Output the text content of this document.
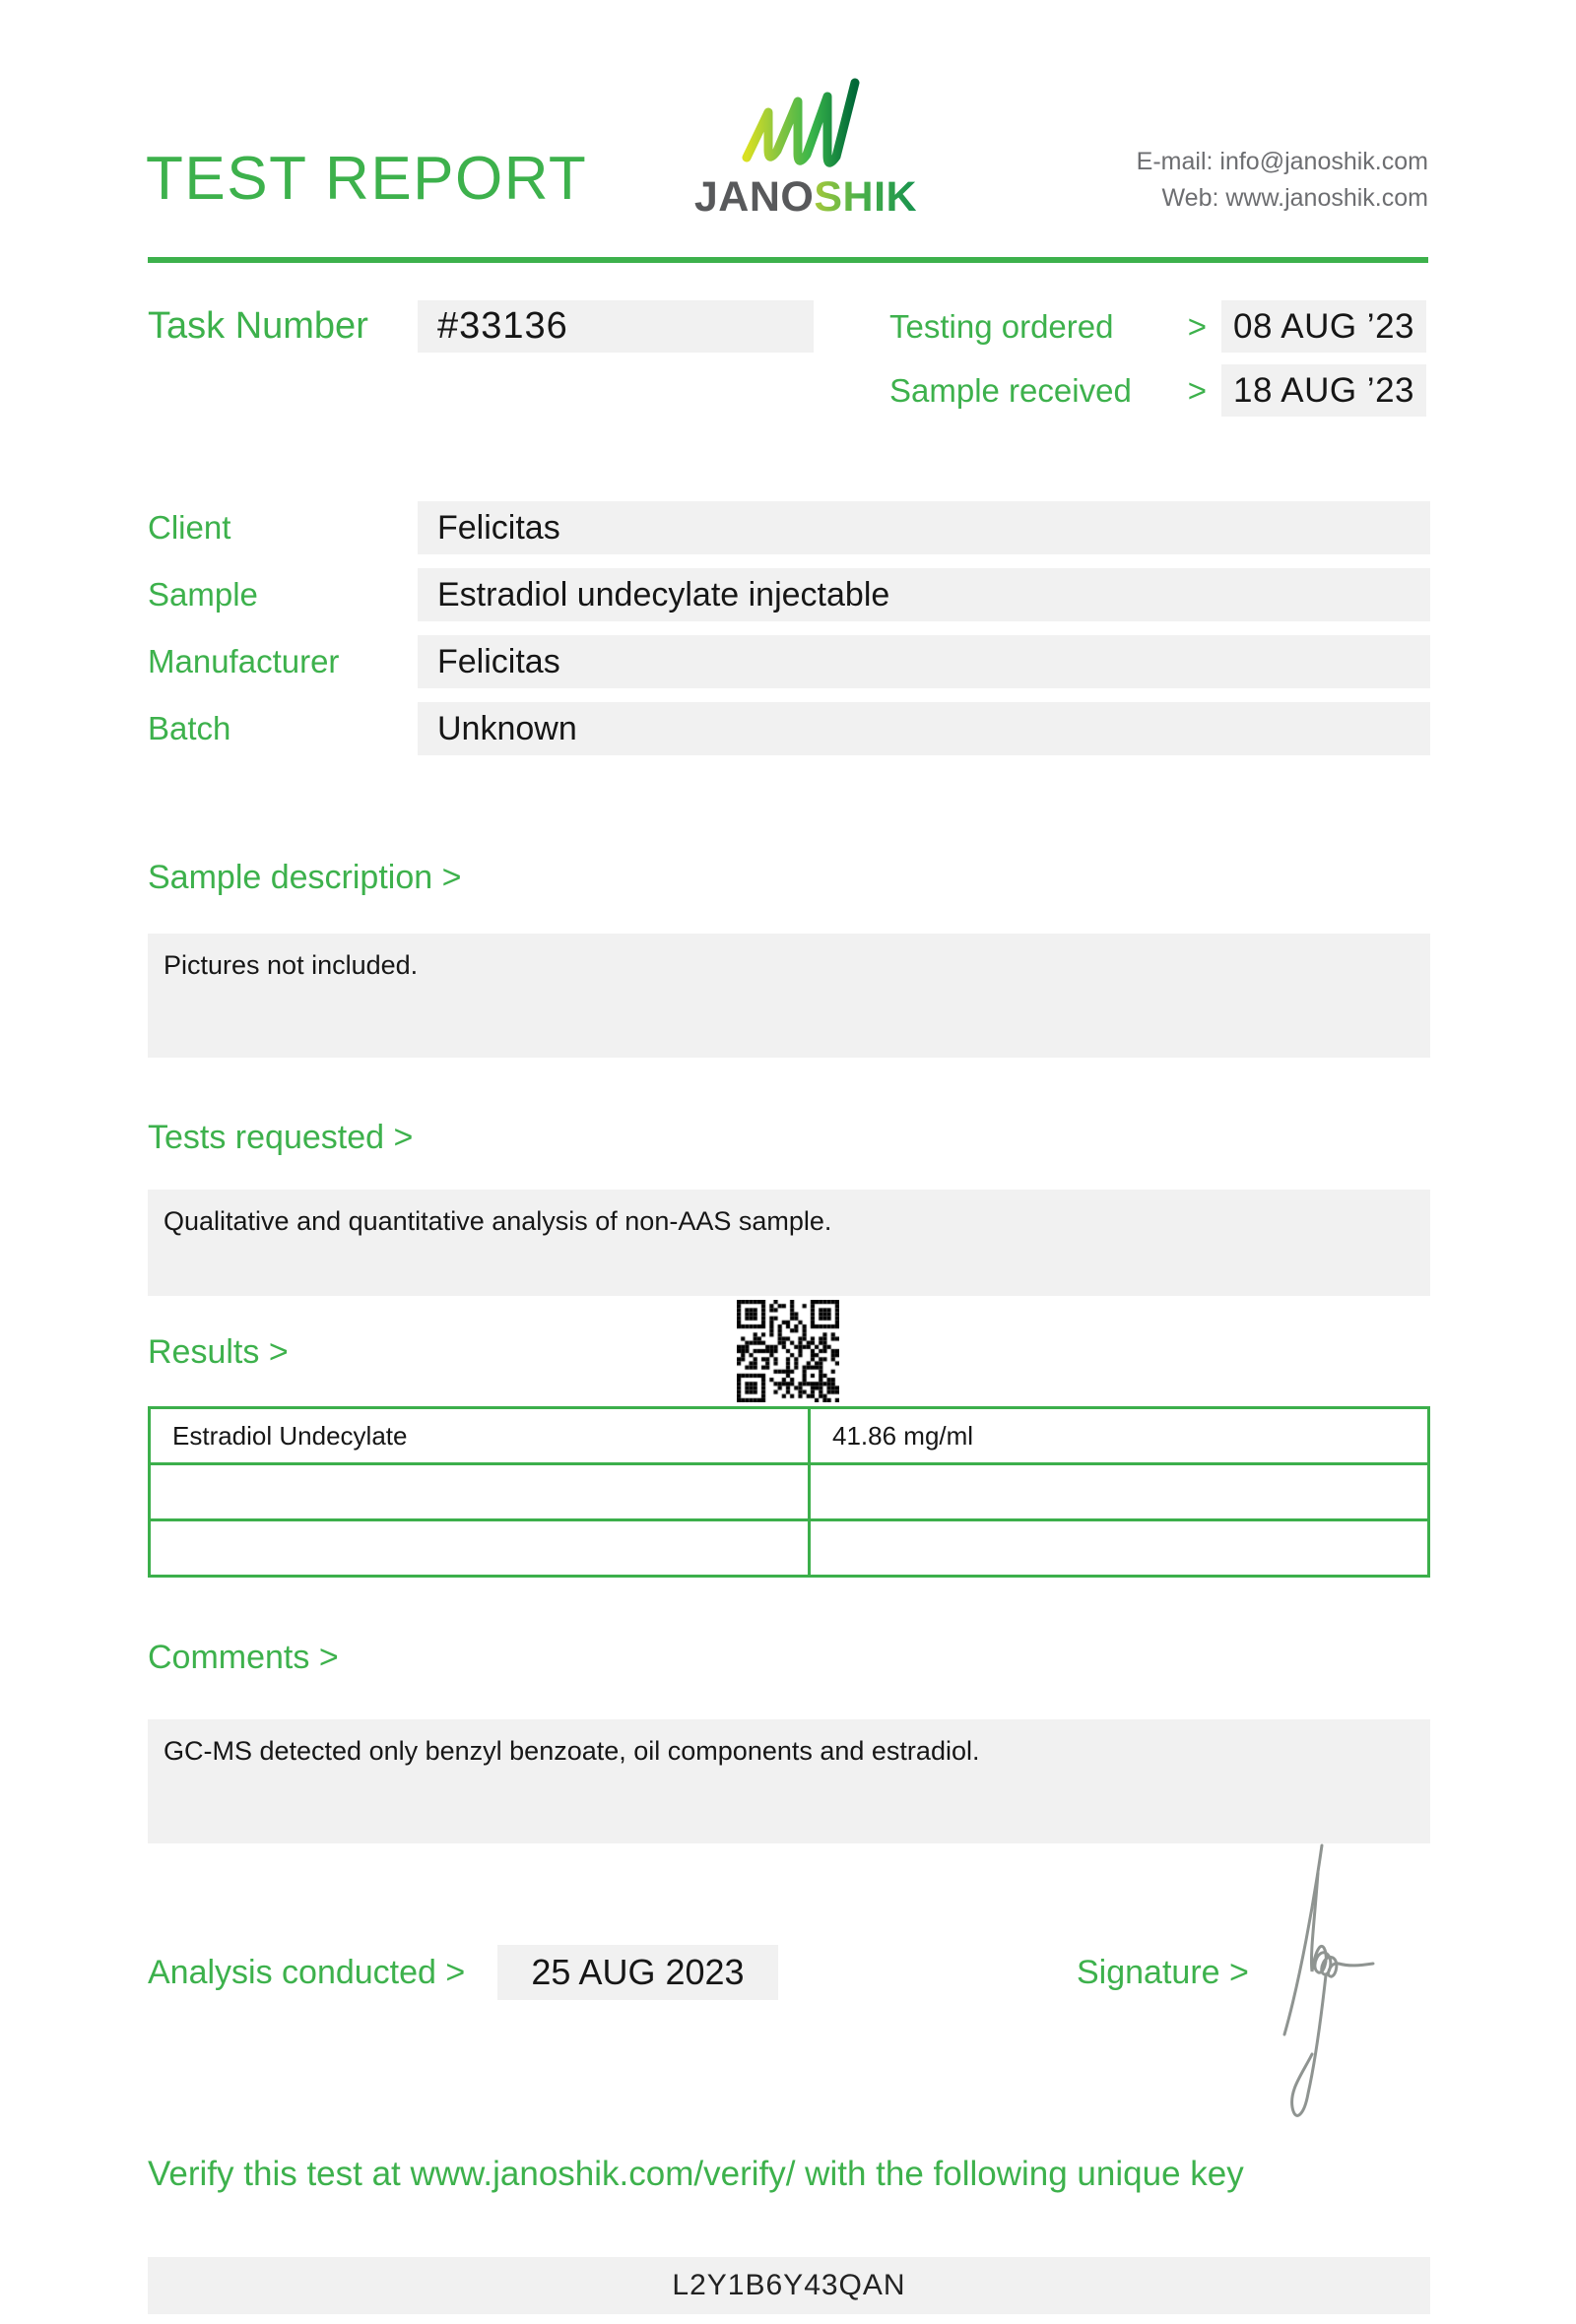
TEST REPORT	JANOSHIK
E-mail: info@janoshik.com
Web: www.janoshik.com
Task Number	#33136	Testing ordered > 08 AUG ’23
Sample received > 18 AUG ’23
Client	Felicitas
Sample	Estradiol undecylate injectable
Manufacturer	Felicitas
Batch	Unknown
Sample description >
Pictures not included.
Tests requested >
Qualitative and quantitative analysis of non-AAS sample.
Results >
Estradiol Undecylate	41.86 mg/ml

Comments >
GC-MS detected only benzyl benzoate, oil components and estradiol.
Analysis conducted >	25 AUG 2023	Signature >
Verify this test at www.janoshik.com/verify/ with the following unique key
L2Y1B6Y43QAN
